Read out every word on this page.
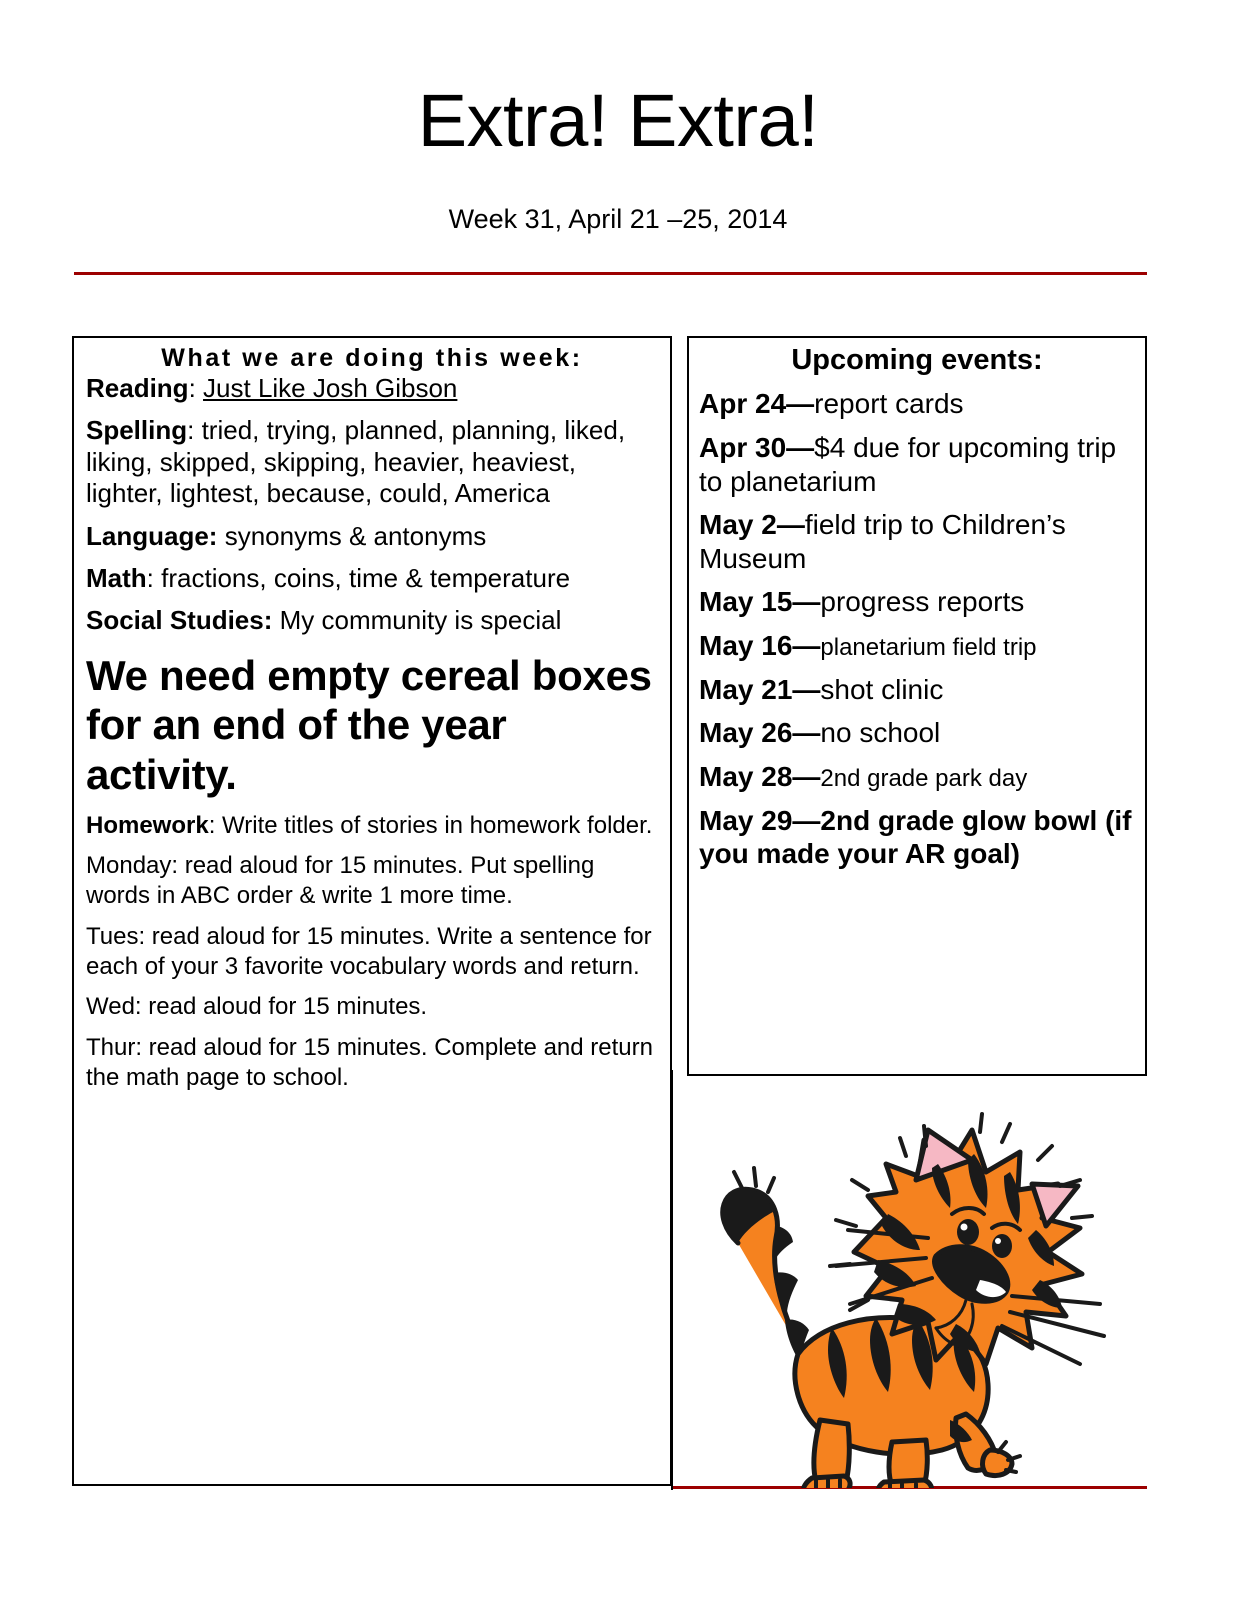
Extra! Extra!
Week 31, April 21 –25, 2014
What we are doing this week:
Reading: Just Like Josh Gibson
Spelling: tried, trying, planned, planning, liked, liking, skipped, skipping, heavier, heaviest, lighter, lightest, because, could, America
Language: synonyms & antonyms
Math: fractions, coins, time & temperature
Social Studies: My community is special
We need empty cereal boxes for an end of the year activity.
Homework: Write titles of stories in homework folder.
Monday: read aloud for 15 minutes. Put spelling words in ABC order & write 1 more time.
Tues: read aloud for 15 minutes. Write a sentence for each of your 3 favorite vocabulary words and return.
Wed: read aloud for 15 minutes.
Thur: read aloud for 15 minutes. Complete and return the math page to school.
Upcoming events:
Apr 24—report cards
Apr 30—$4 due for upcoming trip to planetarium
May 2—field trip to Children’s Museum
May 15—progress reports
May 16—planetarium field trip
May 21—shot clinic
May 26—no school
May 28—2nd grade park day
May 29—2nd grade glow bowl (if you made your AR goal)
